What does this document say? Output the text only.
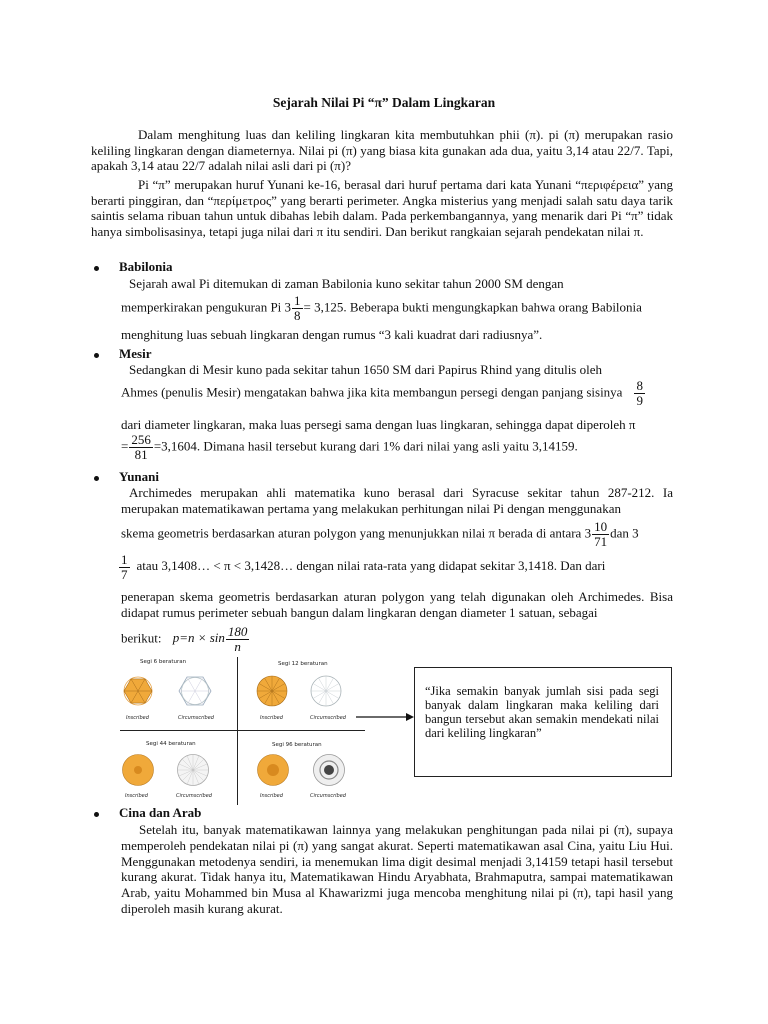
Sejarah Nilai Pi “π” Dalam Lingkaran
Dalam menghitung luas dan keliling lingkaran kita membutuhkan phii (π). pi (π) merupakan rasio keliling lingkaran dengan diameternya. Nilai pi (π) yang biasa kita gunakan ada dua, yaitu 3,14 atau 22/7. Tapi, apakah 3,14 atau 22/7 adalah nilai asli dari pi (π)?
Pi “π” merupakan huruf Yunani ke-16, berasal dari huruf pertama dari kata Yunani “περιφέρεια” yang berarti pinggiran, dan “περίμετρος” yang berarti perimeter. Angka misterius yang menjadi salah satu daya tarik saintis selama ribuan tahun untuk dibahas lebih dalam. Pada perkembangannya, yang menarik dari Pi “π” tidak hanya simbolisasinya, tetapi juga nilai dari π itu sendiri. Dan berikut rangkaian sejarah pendekatan nilai π.
Babilonia
Sejarah awal Pi ditemukan di zaman Babilonia kuno sekitar tahun 2000 SM dengan
memperkirakan pengukuran Pi $3 \frac{1}{8} = 3,125$. Beberapa bukti mengungkapkan bahwa orang Babilonia
menghitung luas sebuah lingkaran dengan rumus “3 kali kuadrat dari radiusnya”.
Mesir
Sedangkan di Mesir kuno pada sekitar tahun 1650 SM dari Papirus Rhind yang ditulis oleh
Ahmes (penulis Mesir) mengatakan bahwa jika kita membangun persegi dengan panjang sisinya $\frac{8}{9}$
dari diameter lingkaran, maka luas persegi sama dengan luas lingkaran, sehingga dapat diperoleh π
= $\frac{256}{81} =3,1604$. Dimana hasil tersebut kurang dari 1% dari nilai yang asli yaitu 3,14159.
Yunani
Archimedes merupakan ahli matematika kuno berasal dari Syracuse sekitar tahun 287-212. Ia merupakan matematikawan pertama yang melakukan perhitungan nilai Pi dengan menggunakan
skema geometris berdasarkan aturan polygon yang menunjukkan nilai π berada di antara $3 \frac{10}{71}$ dan 3
$\frac{1}{7}$ atau 3,1408… < π < 3,1428… dengan nilai rata-rata yang didapat sekitar 3,1418. Dan dari
penerapan skema geometris berdasarkan aturan polygon yang telah digunakan oleh Archimedes. Bisa didapat rumus perimeter sebuah bangun dalam lingkaran dengan diameter 1 satuan, sebagai
berikut: $p=n \times \sin \frac{180}{n}$
Segi 6 beraturan	Segi 12 beraturan
Segi 44 beraturan	Segi 96 beraturan
Inscribed	Circumscribed	Inscribed	Circumscribed
Inscribed	Circumscribed	Inscribed	Circumscribed
“Jika semakin banyak jumlah sisi pada segi banyak dalam lingkaran maka keliling dari bangun tersebut akan semakin mendekati nilai dari keliling lingkaran”
Cina dan Arab
Setelah itu, banyak matematikawan lainnya yang melakukan penghitungan pada nilai pi (π), supaya memperoleh pendekatan nilai pi (π) yang sangat akurat. Seperti matematikawan asal Cina, yaitu Liu Hui. Menggunakan metodenya sendiri, ia menemukan lima digit desimal menjadi 3,14159 tetapi hasil tersebut kurang akurat. Tidak hanya itu, Matematikawan Hindu Aryabhata, Brahmaputra, sampai matematikawan Arab, yaitu Mohammed bin Musa al Khawarizmi juga mencoba menghitung nilai pi (π), tapi hasil yang diperoleh masih kurang akurat.
